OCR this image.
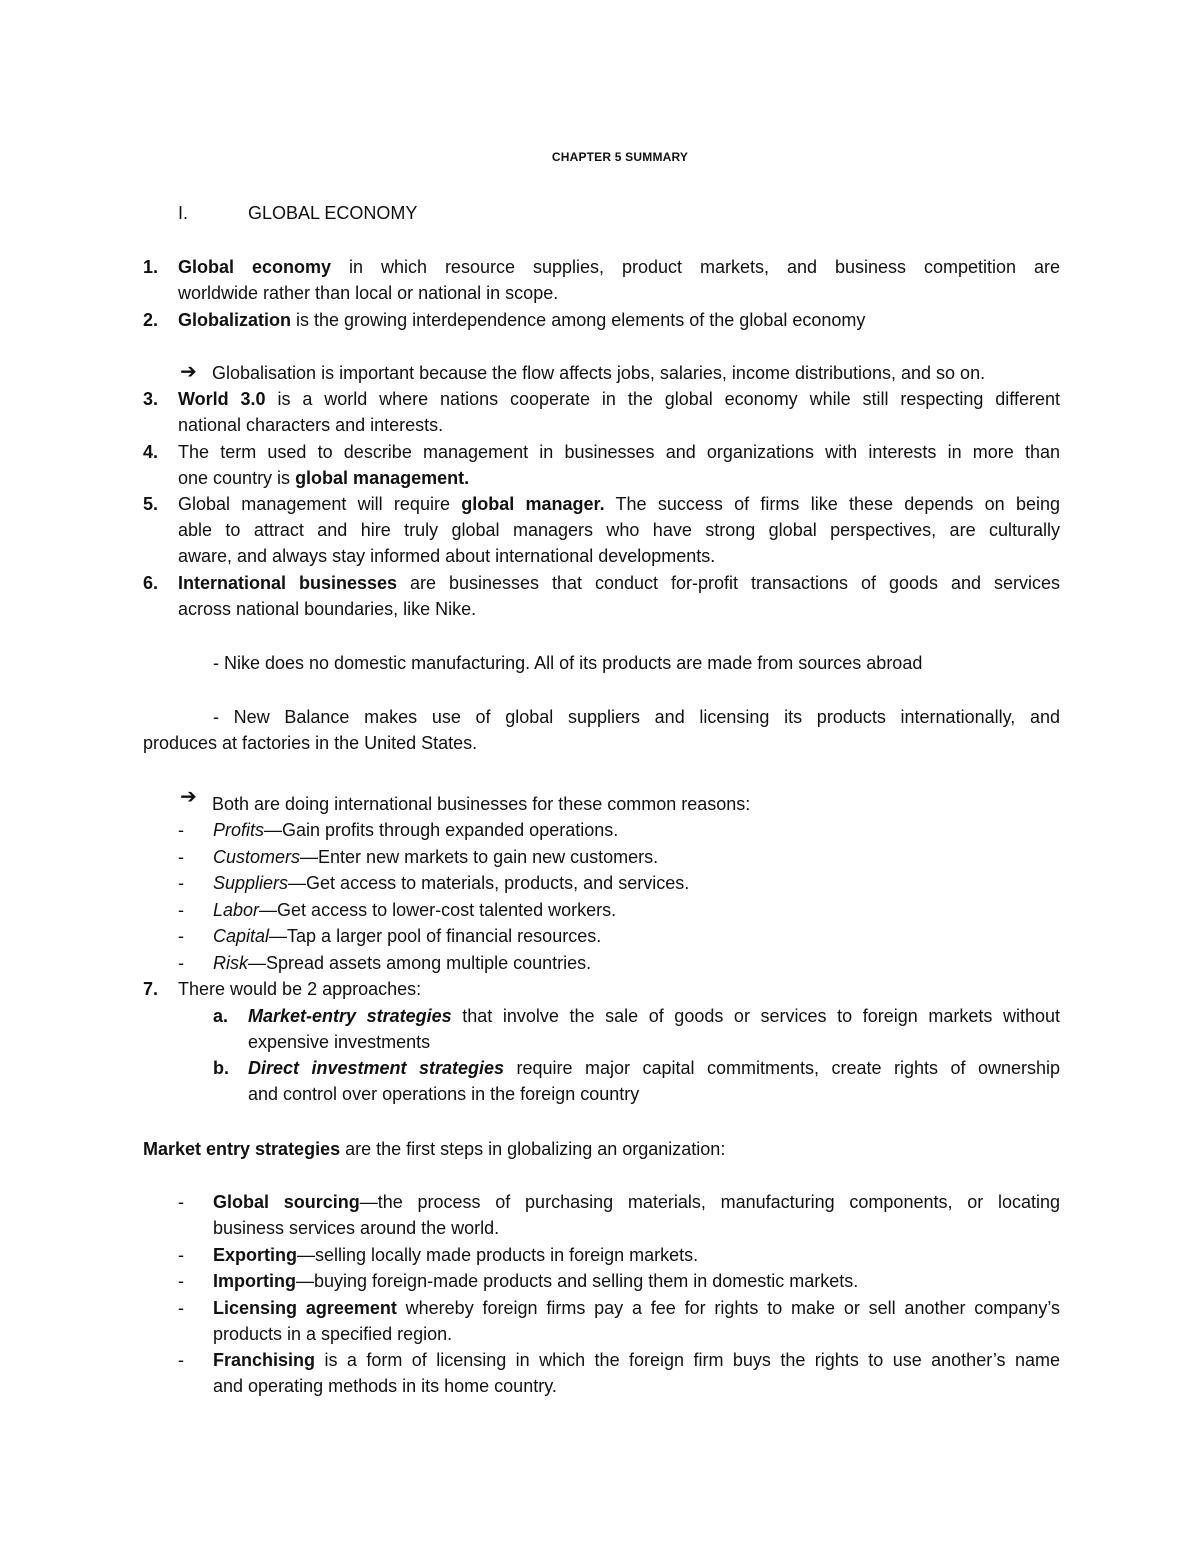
CHAPTER 5 SUMMARY
I.	GLOBAL ECONOMY
1. Global economy in which resource supplies, product markets, and business competition are
worldwide rather than local or national in scope.
2. Globalization is the growing interdependence among elements of the global economy
➔ Globalisation is important because the flow affects jobs, salaries, income distributions, and so on.
3. World 3.0 is a world where nations cooperate in the global economy while still respecting different
national characters and interests.
4. The term used to describe management in businesses and organizations with interests in more than
one country is global management.
5. Global management will require global manager. The success of firms like these depends on being
able to attract and hire truly global managers who have strong global perspectives, are culturally
aware, and always stay informed about international developments.
6. International businesses are businesses that conduct for-profit transactions of goods and services
across national boundaries, like Nike.
- Nike does no domestic manufacturing. All of its products are made from sources abroad
- New Balance makes use of global suppliers and licensing its products internationally, and
produces at factories in the United States.
➔ Both are doing international businesses for these common reasons:
- Profits—Gain profits through expanded operations.
- Customers—Enter new markets to gain new customers.
- Suppliers—Get access to materials, products, and services.
- Labor—Get access to lower-cost talented workers.
- Capital—Tap a larger pool of financial resources.
- Risk—Spread assets among multiple countries.
7. There would be 2 approaches:
a. Market-entry strategies that involve the sale of goods or services to foreign markets without
expensive investments
b. Direct investment strategies require major capital commitments, create rights of ownership
and control over operations in the foreign country
Market entry strategies are the first steps in globalizing an organization:
- Global sourcing—the process of purchasing materials, manufacturing components, or locating
business services around the world.
- Exporting—selling locally made products in foreign markets.
- Importing—buying foreign-made products and selling them in domestic markets.
- Licensing agreement whereby foreign firms pay a fee for rights to make or sell another company’s
products in a specified region.
- Franchising is a form of licensing in which the foreign firm buys the rights to use another’s name
and operating methods in its home country.
